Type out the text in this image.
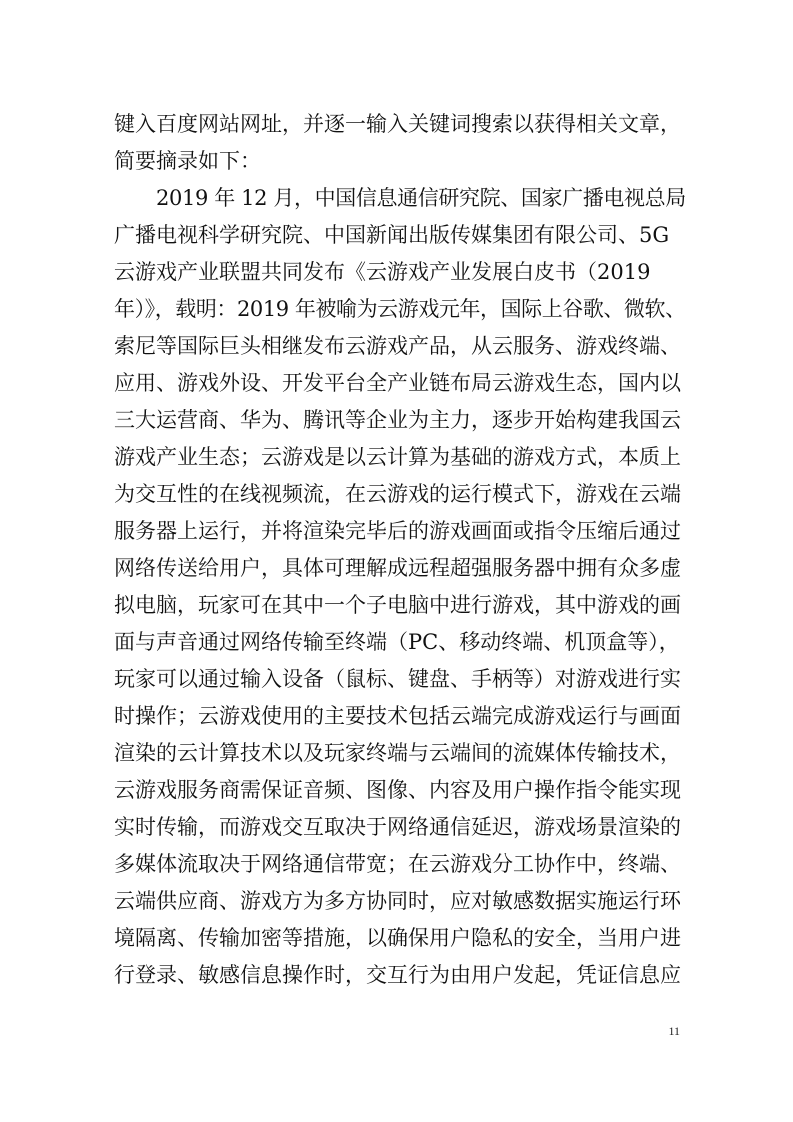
键入百度网站网址，并逐一输入关键词搜索以获得相关文章，
简要摘录如下：
2019 年 12 月，中国信息通信研究院、国家广播电视总局
广播电视科学研究院、中国新闻出版传媒集团有限公司、5G
云游戏产业联盟共同发布《云游戏产业发展白皮书（2019
年）》，载明：2019 年被喻为云游戏元年，国际上谷歌、微软、
索尼等国际巨头相继发布云游戏产品，从云服务、游戏终端、
应用、游戏外设、开发平台全产业链布局云游戏生态，国内以
三大运营商、华为、腾讯等企业为主力，逐步开始构建我国云
游戏产业生态；云游戏是以云计算为基础的游戏方式，本质上
为交互性的在线视频流，在云游戏的运行模式下，游戏在云端
服务器上运行，并将渲染完毕后的游戏画面或指令压缩后通过
网络传送给用户，具体可理解成远程超强服务器中拥有众多虚
拟电脑，玩家可在其中一个子电脑中进行游戏，其中游戏的画
面与声音通过网络传输至终端（PC、移动终端、机顶盒等），
玩家可以通过输入设备（鼠标、键盘、手柄等）对游戏进行实
时操作；云游戏使用的主要技术包括云端完成游戏运行与画面
渲染的云计算技术以及玩家终端与云端间的流媒体传输技术，
云游戏服务商需保证音频、图像、内容及用户操作指令能实现
实时传输，而游戏交互取决于网络通信延迟，游戏场景渲染的
多媒体流取决于网络通信带宽；在云游戏分工协作中，终端、
云端供应商、游戏方为多方协同时，应对敏感数据实施运行环
境隔离、传输加密等措施，以确保用户隐私的安全，当用户进
行登录、敏感信息操作时，交互行为由用户发起，凭证信息应
11
